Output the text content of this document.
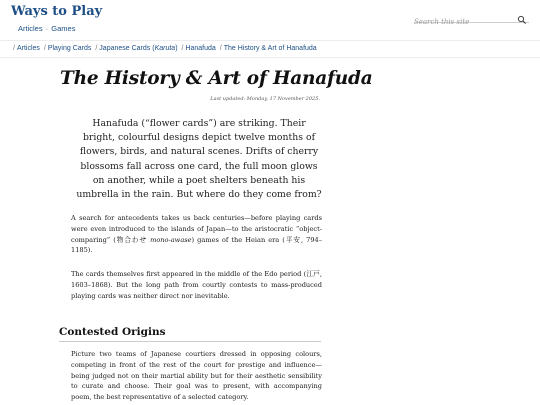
Ways to Play
Articles · Games
Search this site
/ Articles / Playing Cards / Japanese Cards (Karuta) / Hanafuda / The History & Art of Hanafuda
The History & Art of Hanafuda
Last updated: Monday, 17 November 2025.

Hanafuda (“flower cards”) are striking. Their bright, colourful designs depict twelve months of flowers, birds, and natural scenes. Drifts of cherry blossoms fall across one card, the full moon glows on another, while a poet shelters beneath his umbrella in the rain. But where do they come from?

A search for antecedents takes us back centuries—before playing cards were even introduced to the islands of Japan—to the aristocratic “object-comparing” (物合わせ mono-awase) games of the Heian era (平安, 794–1185).

The cards themselves first appeared in the middle of the Edo period (江戸, 1603–1868). But the long path from courtly contests to mass-produced playing cards was neither direct nor inevitable.

Contested Origins

Picture two teams of Japanese courtiers dressed in opposing colours, competing in front of the rest of the court for prestige and influence—being judged not on their martial ability but for their aesthetic sensibility to curate and choose. Their goal was to present, with accompanying poem, the best representative of a selected category.
